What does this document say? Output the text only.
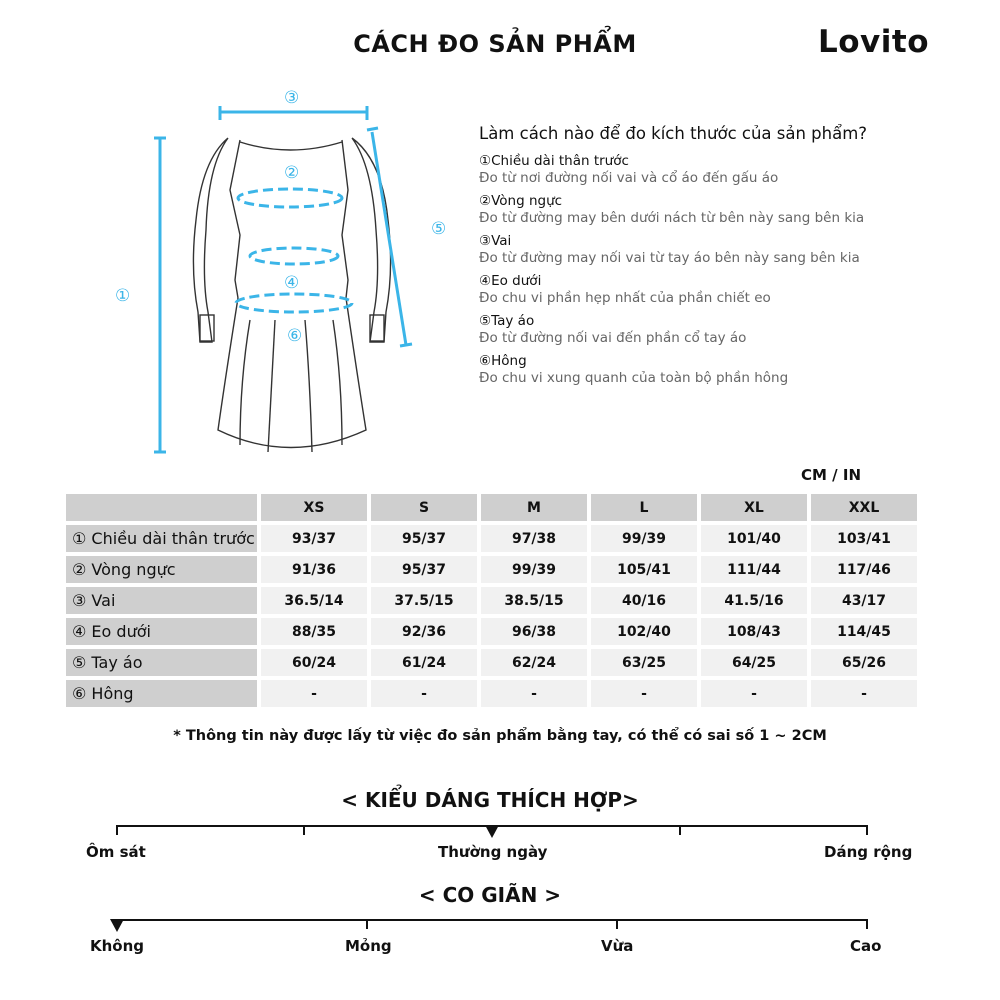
CÁCH ĐO SẢN PHẨM	Lovito
③
②
④
⑥
①
⑤
Làm cách nào để đo kích thước của sản phẩm?
①Chiều dài thân trước
Đo từ nơi đường nối vai và cổ áo đến gấu áo
②Vòng ngực
Đo từ đường may bên dưới nách từ bên này sang bên kia
③Vai
Đo từ đường may nối vai từ tay áo bên này sang bên kia
④Eo dưới
Đo chu vi phần hẹp nhất của phần chiết eo
⑤Tay áo
Đo từ đường nối vai đến phần cổ tay áo
⑥Hông
Đo chu vi xung quanh của toàn bộ phần hông
CM / IN
	XS	S	M	L	XL	XXL
① Chiều dài thân trước	93/37	95/37	97/38	99/39	101/40	103/41
② Vòng ngực	91/36	95/37	99/39	105/41	111/44	117/46
③ Vai	36.5/14	37.5/15	38.5/15	40/16	41.5/16	43/17
④ Eo dưới	88/35	92/36	96/38	102/40	108/43	114/45
⑤ Tay áo	60/24	61/24	62/24	63/25	64/25	65/26
⑥ Hông	-	-	-	-	-	-
* Thông tin này được lấy từ việc đo sản phẩm bằng tay, có thể có sai số 1 ~ 2CM
< KIỂU DÁNG THÍCH HỢP>
Ôm sát	Thường ngày	Dáng rộng
< CO GIÃN >
Không	Mỏng	Vừa	Cao
